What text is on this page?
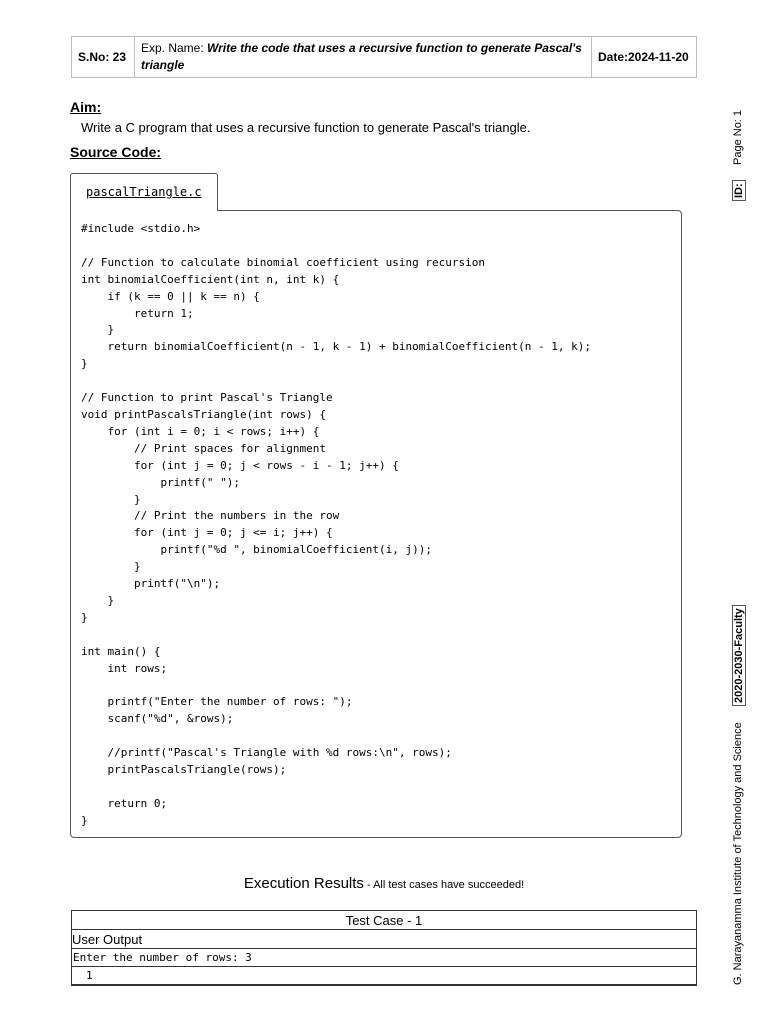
S.No: 23	Exp. Name: Write the code that uses a recursive function to generate Pascal's triangle	Date:2024-11-20
Aim:
Write a C program that uses a recursive function to generate Pascal's triangle.
Source Code:
pascalTriangle.c
#include <stdio.h>

// Function to calculate binomial coefficient using recursion
int binomialCoefficient(int n, int k) {
if (k == 0 || k == n) {
return 1;
}
return binomialCoefficient(n - 1, k - 1) + binomialCoefficient(n - 1, k);
}

// Function to print Pascal's Triangle
void printPascalsTriangle(int rows) {
for (int i = 0; i < rows; i++) {
// Print spaces for alignment
for (int j = 0; j < rows - i - 1; j++) {
printf(" ");
}
// Print the numbers in the row
for (int j = 0; j <= i; j++) {
printf("%d ", binomialCoefficient(i, j));
}
printf("\n");
}
}

int main() {
int rows;

printf("Enter the number of rows: ");
scanf("%d", &rows);

//printf("Pascal's Triangle with %d rows:\n", rows);
printPascalsTriangle(rows);

return 0;
}
Execution Results - All test cases have succeeded!
Test Case - 1
User Output
Enter the number of rows: 3
1
Page No: 1
ID:
2020-2030-Faculty
G. Narayanamma Institute of Technology and Science
